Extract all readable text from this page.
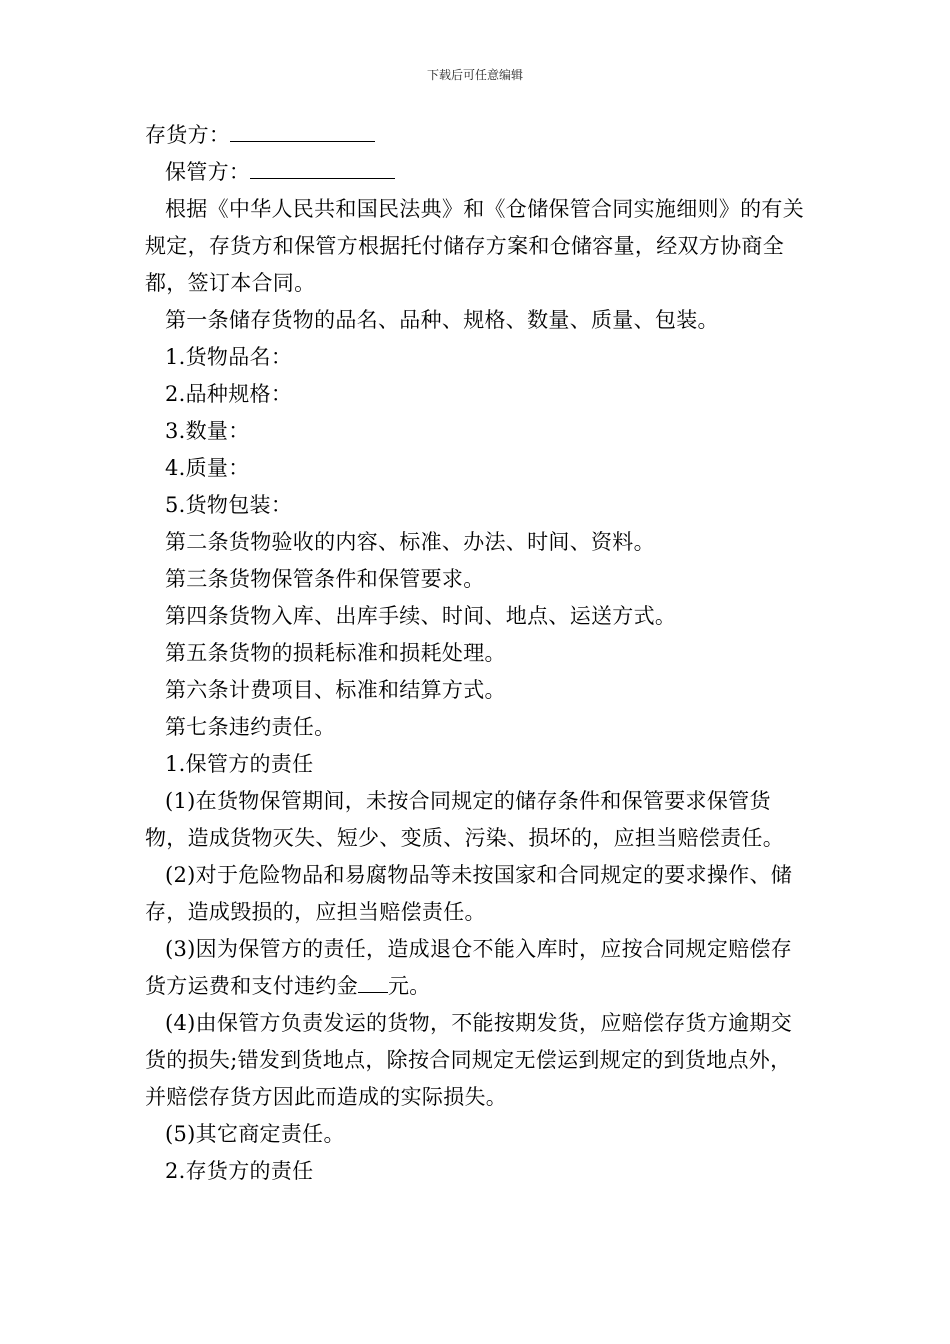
下载后可任意编辑
存货方：
保管方：
根据《中华人民共和国民法典》和《仓储保管合同实施细则》的有关规定，存货方和保管方根据托付储存方案和仓储容量，经双方协商全都，签订本合同。
第一条储存货物的品名、品种、规格、数量、质量、包装。
1.货物品名：
2.品种规格：
3.数量：
4.质量：
5.货物包装：
第二条货物验收的内容、标准、办法、时间、资料。
第三条货物保管条件和保管要求。
第四条货物入库、出库手续、时间、地点、运送方式。
第五条货物的损耗标准和损耗处理。
第六条计费项目、标准和结算方式。
第七条违约责任。
1.保管方的责任
(1)在货物保管期间，未按合同规定的储存条件和保管要求保管货物，造成货物灭失、短少、变质、污染、损坏的，应担当赔偿责任。
(2)对于危险物品和易腐物品等未按国家和合同规定的要求操作、储存，造成毁损的，应担当赔偿责任。
(3)因为保管方的责任，造成退仓不能入库时，应按合同规定赔偿存货方运费和支付违约金 元。
(4)由保管方负责发运的货物，不能按期发货，应赔偿存货方逾期交货的损失;错发到货地点，除按合同规定无偿运到规定的到货地点外，并赔偿存货方因此而造成的实际损失。
(5)其它商定责任。
2.存货方的责任
